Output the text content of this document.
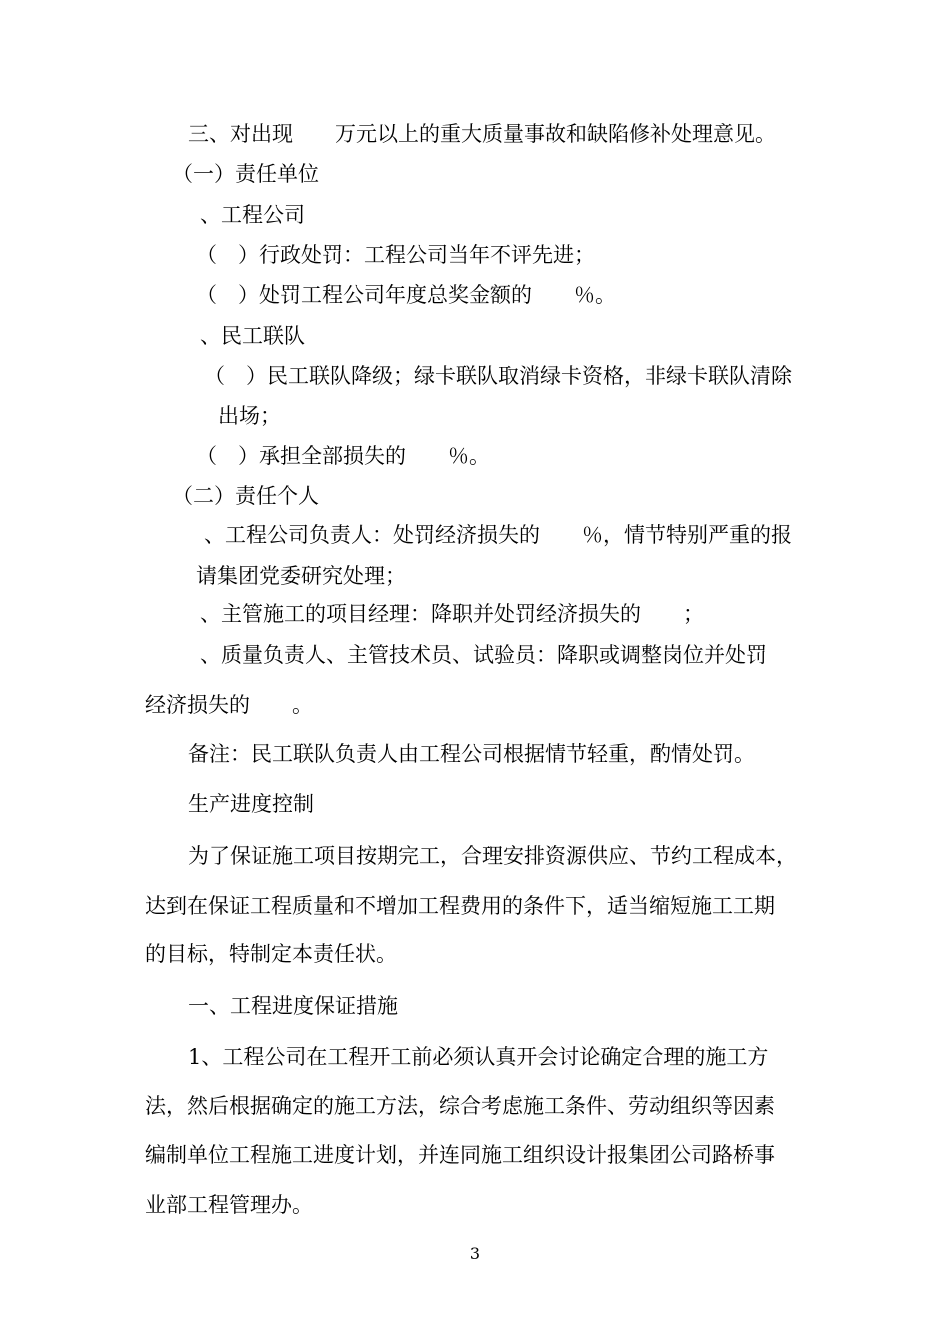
三、对出现　　万元以上的重大质量事故和缺陷修补处理意见。
（一）责任单位
、工程公司
（　）行政处罚：工程公司当年不评先进；
（　）处罚工程公司年度总奖金额的　　％。
、民工联队
（　）民工联队降级；绿卡联队取消绿卡资格，非绿卡联队清除
出场；
（　）承担全部损失的　　％。
（二）责任个人
、工程公司负责人：处罚经济损失的　　％，情节特别严重的报
请集团党委研究处理；
、主管施工的项目经理：降职并处罚经济损失的　　；
、质量负责人、主管技术员、试验员：降职或调整岗位并处罚
经济损失的　　。
备注：民工联队负责人由工程公司根据情节轻重，酌情处罚。
生产进度控制
为了保证施工项目按期完工，合理安排资源供应、节约工程成本，
达到在保证工程质量和不增加工程费用的条件下，适当缩短施工工期
的目标，特制定本责任状。
一、工程进度保证措施
1、工程公司在工程开工前必须认真开会讨论确定合理的施工方
法，然后根据确定的施工方法，综合考虑施工条件、劳动组织等因素
编制单位工程施工进度计划，并连同施工组织设计报集团公司路桥事
业部工程管理办。
3
